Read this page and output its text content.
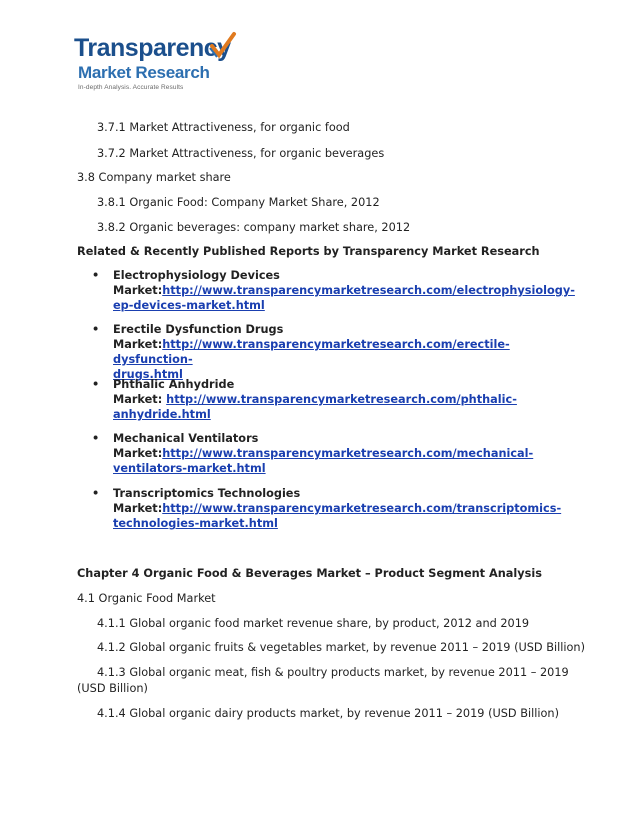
Transparency
Market Research
In-depth Analysis. Accurate Results
3.7.1 Market Attractiveness, for organic food
3.7.2 Market Attractiveness, for organic beverages
3.8 Company market share
3.8.1 Organic Food: Company Market Share, 2012
3.8.2 Organic beverages: company market share, 2012
Related & Recently Published Reports by Transparency Market Research
• Electrophysiology Devices
Market:http://www.transparencymarketresearch.com/electrophysiology-
ep-devices-market.html
• Erectile Dysfunction Drugs
Market:http://www.transparencymarketresearch.com/erectile-dysfunction-
drugs.html
• Phthalic Anhydride
Market: http://www.transparencymarketresearch.com/phthalic-
anhydride.html
• Mechanical Ventilators
Market:http://www.transparencymarketresearch.com/mechanical-
ventilators-market.html
• Transcriptomics Technologies
Market:http://www.transparencymarketresearch.com/transcriptomics-
technologies-market.html
Chapter 4 Organic Food & Beverages Market – Product Segment Analysis
4.1 Organic Food Market
4.1.1 Global organic food market revenue share, by product, 2012 and 2019
4.1.2 Global organic fruits & vegetables market, by revenue 2011 – 2019 (USD Billion)
4.1.3 Global organic meat, fish & poultry products market, by revenue 2011 – 2019
(USD Billion)
4.1.4 Global organic dairy products market, by revenue 2011 – 2019 (USD Billion)
